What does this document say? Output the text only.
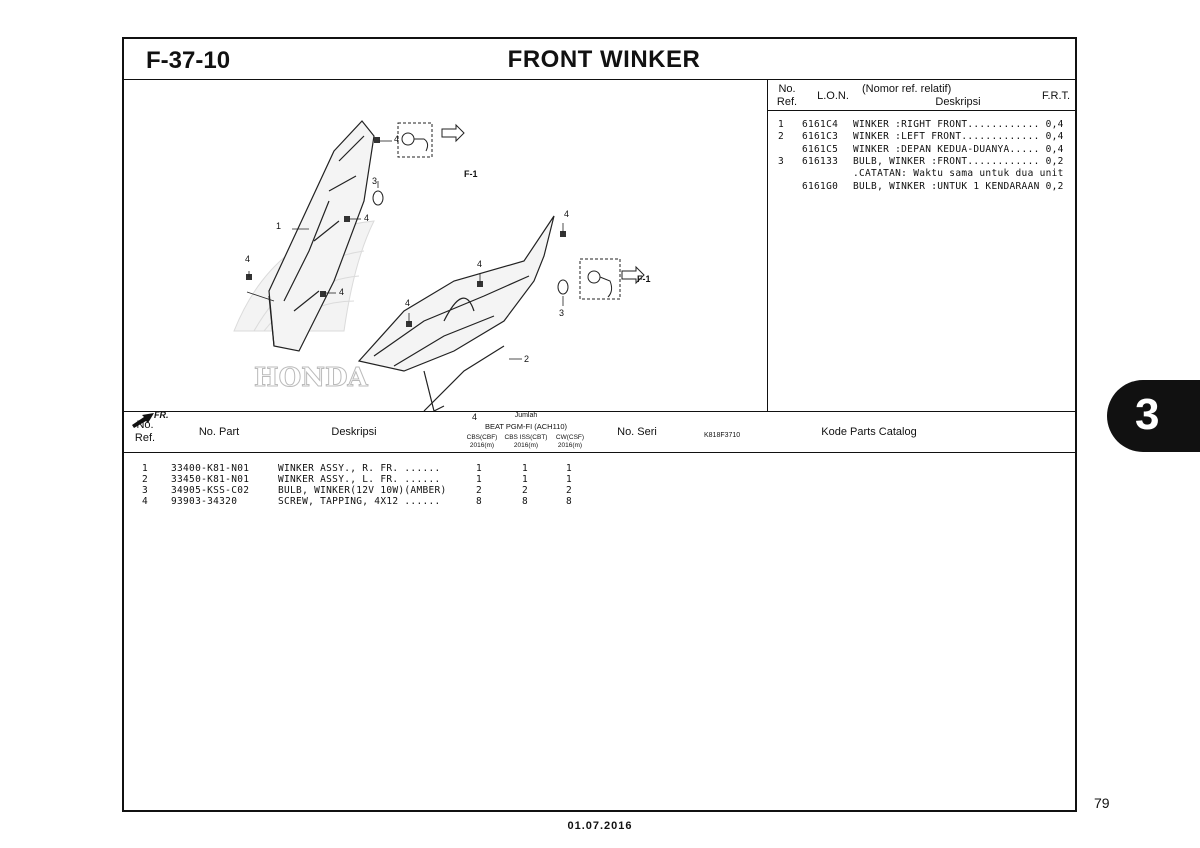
F-37-10	FRONT WINKER
HONDA
4
3
4
1
4
4
4
4
4
3
2
4
F-1
F-1
FR.
K818F3710
No.
Ref.	L.O.N.
(Nomor ref. relatif)
Deskripsi	F.R.T.
1	6161C4	WINKER :RIGHT FRONT............ 0,4
2	6161C3	WINKER :LEFT FRONT............. 0,4
6161C5	WINKER :DEPAN KEDUA-DUANYA..... 0,4
3	616133	BULB, WINKER :FRONT............ 0,2
.CATATAN: Waktu sama untuk dua unit
6161G0	BULB, WINKER :UNTUK 1 KENDARAAN 0,2
No.
Ref.	No. Part	Deskripsi
Jumlah
BEAT PGM-FI (ACH110)
CBS(CBF)
2016(m)
CBS ISS(CBT)
2016(m)
CW(CSF)
2016(m)
No. Seri	Kode Parts Catalog
1 33400-K81-N01	WINKER ASSY., R. FR. ......	1	1	1
2 33450-K81-N01	WINKER ASSY., L. FR. ......	1	1	1
3 34905-KSS-C02	BULB, WINKER(12V 10W)(AMBER)	2	2	2
4 93903-34320	SCREW, TAPPING, 4X12 ......	8	8	8
3
79
01.07.2016
